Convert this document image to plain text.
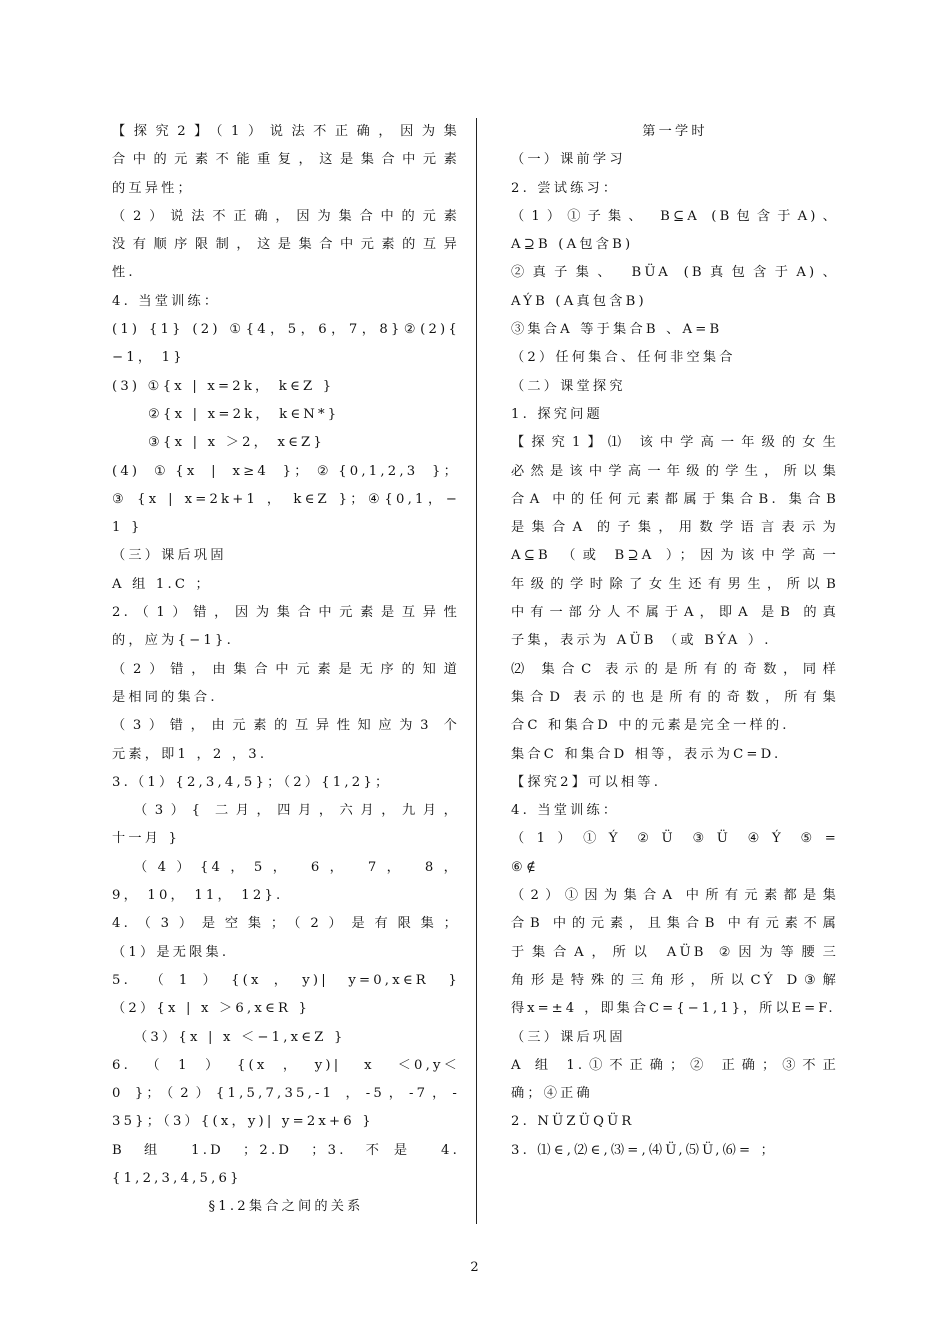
【探究2】（1）说法不正确，因为集
合中的元素不能重复，这是集合中元素
的互异性；
（2）说法不正确，因为集合中的元素
没有顺序限制，这是集合中元素的互异
性.
4. 当堂训练：
(1) {1} (2) ①{4，5，6，7，8}②(2){
−1， 1}
(3) ①{x | x=2k， k∈Z }
②{x | x=2k， k∈N*}
③{x | x ＞2， x∈Z}
(4) ①{x | x≥4 }；②{0,1,2,3 }；
③ {x | x=2k+1 ， k∈Z }；④{0,1，−
1 }
（三）课后巩固
A 组 1.C ；
2.（1）错，因为集合中元素是互异性
的，应为{−1}.
（2）错，由集合中元素是无序的知道
是相同的集合.
（3）错，由元素的互异性知应为3 个
元素，即1 ，2 ，3.
3.（1）{2,3,4,5}；（2）{1,2}；
（3）{ 二月，四月，六月，九月，
十一月 }
（4）{4，5， 6， 7， 8，
9， 10， 11， 12}.
4.（3）是空集；（2）是有限集；
（1）是无限集.
5. （1）{(x，y)| y=0,x∈R }
（2）{x | x ＞6,x∈R }
（3）{x | x ＜−1,x∈Z }
6.（1）{(x，y)| x ＜0,y＜
0 }；（2）{1,5,7,35,-1 ，-5，-7，-
35}；（3）{(x，y)| y=2x+6 }
B 组 1.D ；2.D ；3. 不是 4.
{1,2,3,4,5,6}
§1.2集合之间的关系
第一学时
（一）课前学习
2. 尝试练习：
（1）①子集、 B⊆A (B包含于A)、
A⊇B (A包含B)
②真子集、 BÜA (B真包含于A)、
AÝB (A真包含B)
③集合A 等于集合B 、A=B
（2）任何集合、任何非空集合
（二）课堂探究
1. 探究问题
【探究1】⑴ 该中学高一年级的女生
必然是该中学高一年级的学生，所以集
合A 中的任何元素都属于集合B. 集合B
是集合A 的子集，用数学语言表示为
A⊆B （或 B⊇A ）；因为该中学高一
年级的学时除了女生还有男生，所以B
中有一部分人不属于A，即A 是B 的真
子集，表示为 AÜB （或 BÝA ）.
⑵ 集合C 表示的是所有的奇数，同样
集合D 表示的也是所有的奇数，所有集
合C 和集合D 中的元素是完全一样的.
集合C 和集合D 相等，表示为C=D.
【探究2】可以相等.
4. 当堂训练：
（1）①Ý ②Ü ③Ü ④Ý ⑤=
⑥∉
（2）①因为集合A 中所有元素都是集
合B 中的元素，且集合B 中有元素不属
于集合A，所以 AÜB ②因为等腰三
角形是特殊的三角形，所以CÝ D③解
得x=±4 ，即集合C={−1,1}，所以E=F.
（三）课后巩固
A 组 1.①不正确；② 正确；③不正
确；④正确
2. NÜZÜQÜR
3. ⑴∈,⑵∈,⑶=,⑷Ü,⑸Ü,⑹= ；
2
